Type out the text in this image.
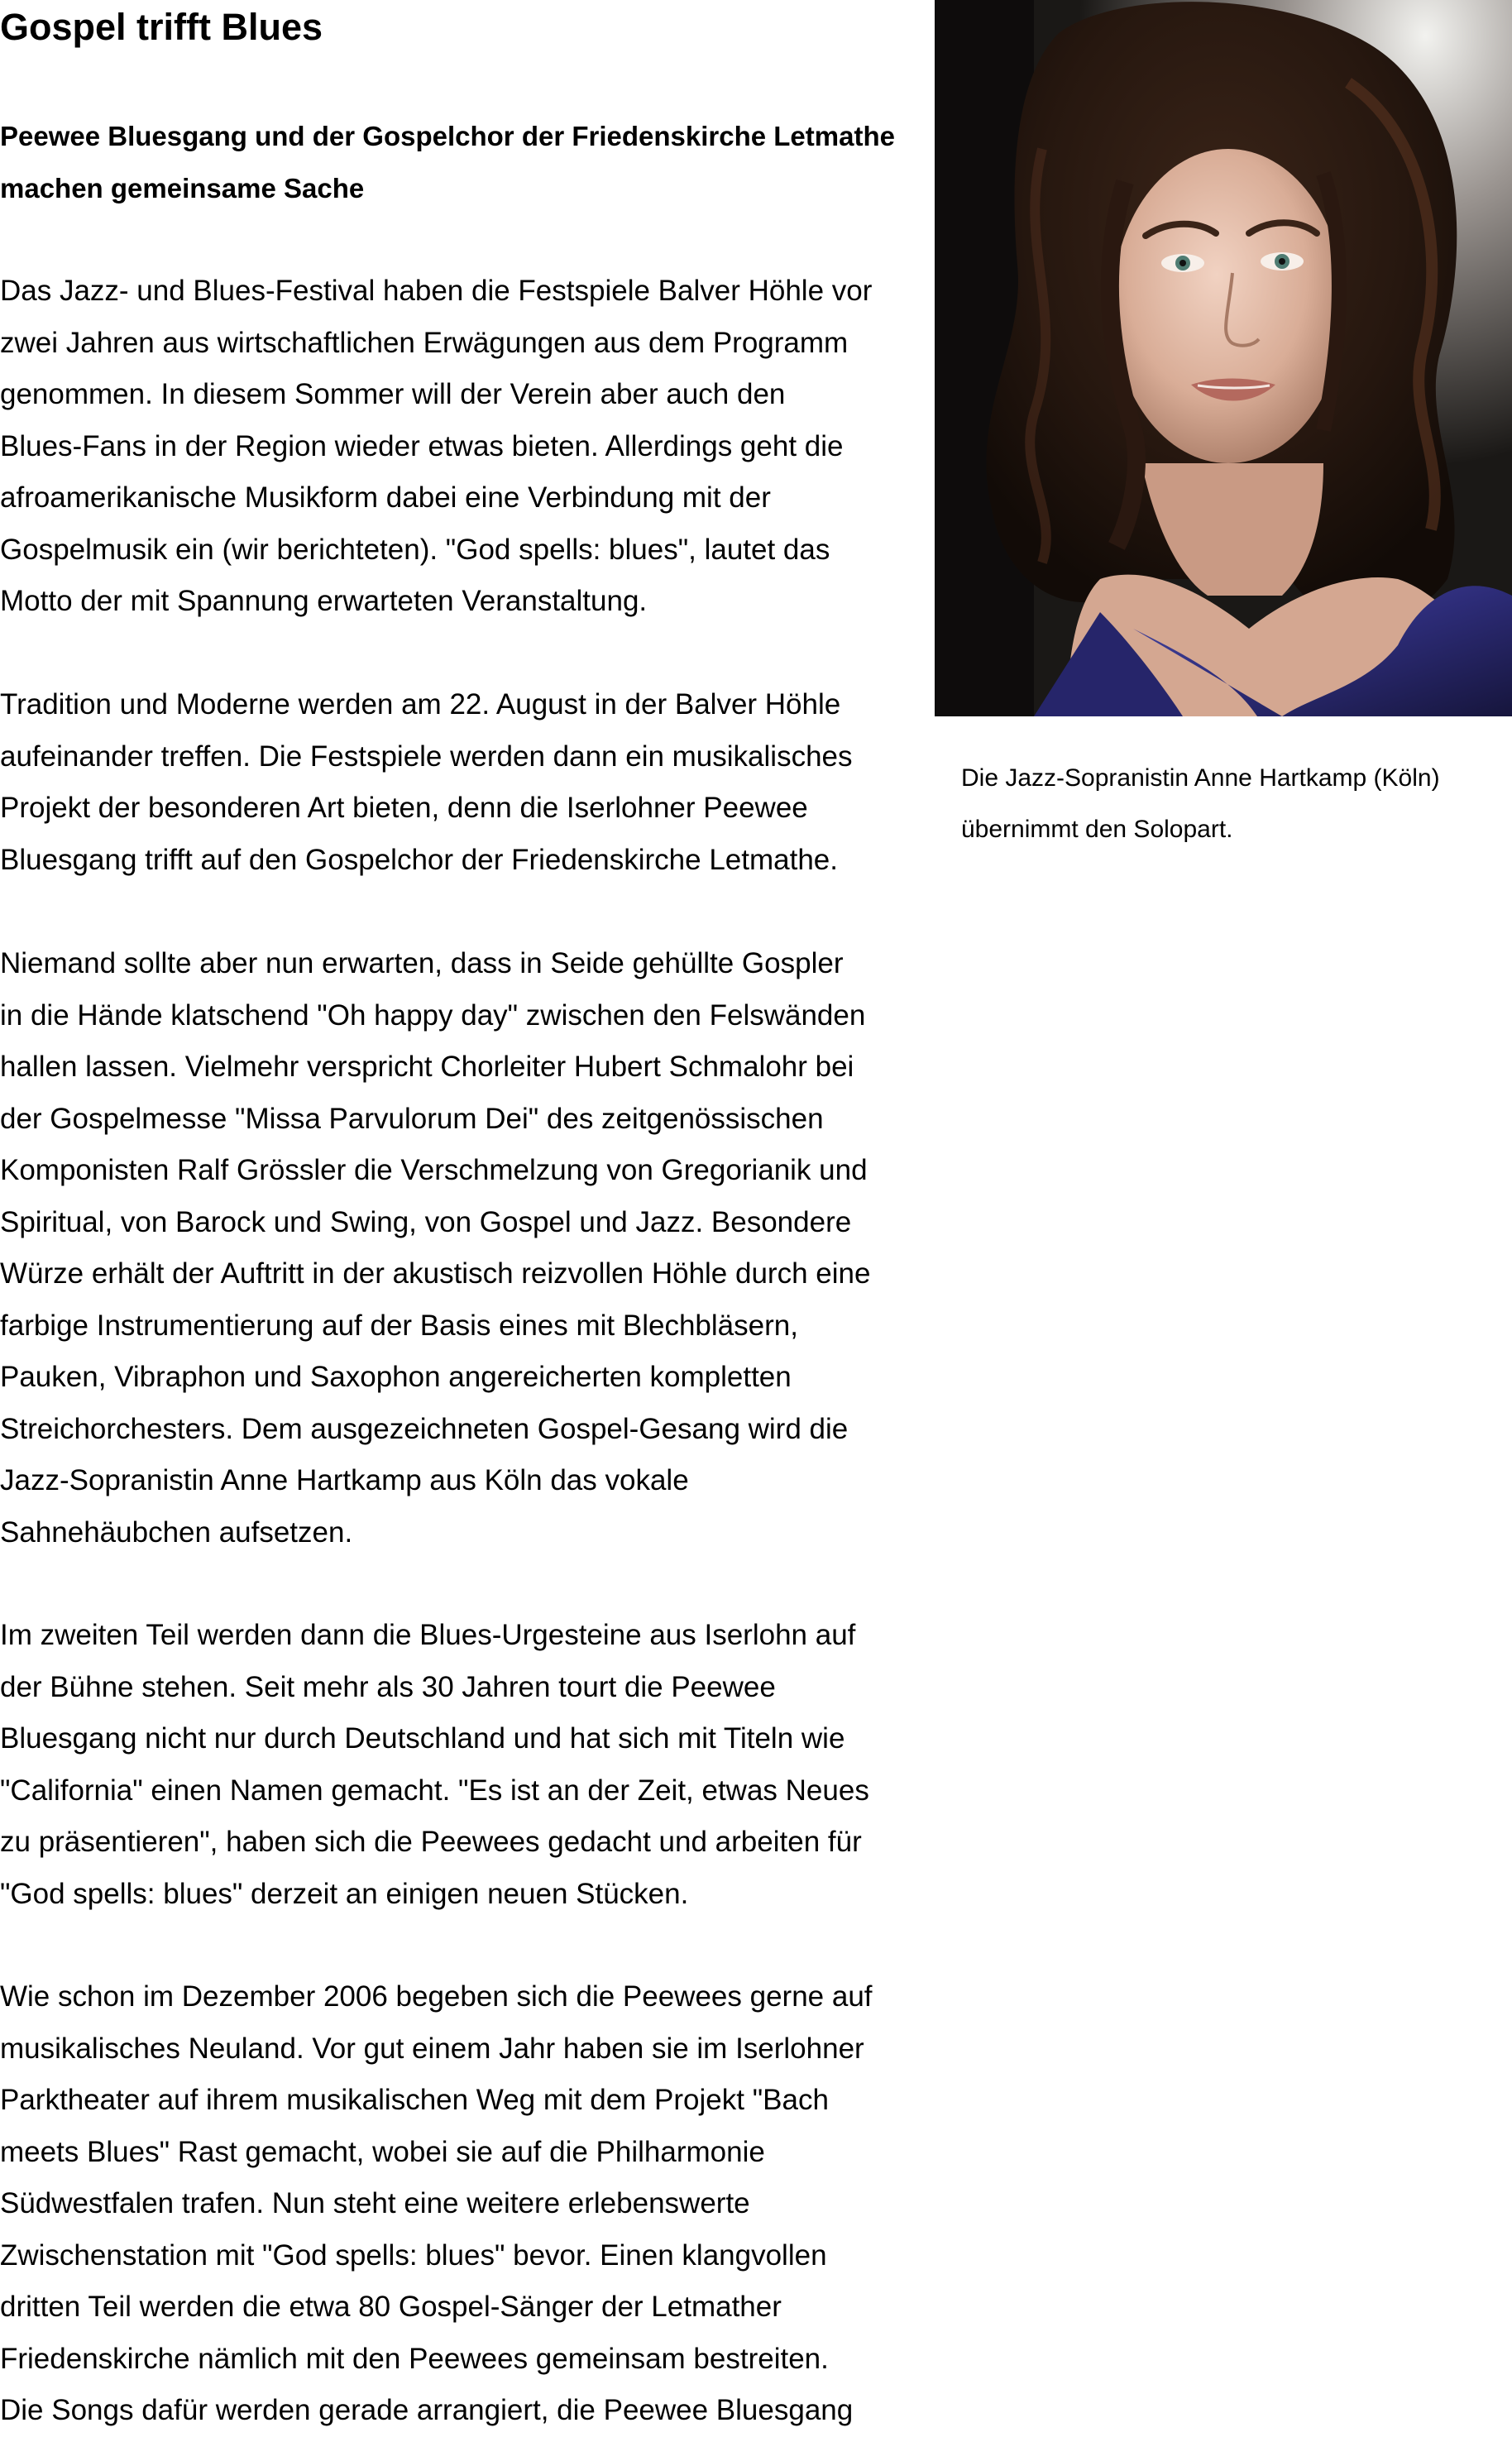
Gospel trifft Blues
Peewee Bluesgang und der Gospelchor der Friedenskirche Letmathe machen gemeinsame Sache

Das Jazz- und Blues-Festival haben die Festspiele Balver Höhle vor
zwei Jahren aus wirtschaftlichen Erwägungen aus dem Programm
genommen. In diesem Sommer will der Verein aber auch den
Blues-Fans in der Region wieder etwas bieten. Allerdings geht die
afroamerikanische Musikform dabei eine Verbindung mit der
Gospelmusik ein (wir berichteten). "God spells: blues", lautet das
Motto der mit Spannung erwarteten Veranstaltung.

Tradition und Moderne werden am 22. August in der Balver Höhle
aufeinander treffen. Die Festspiele werden dann ein musikalisches
Projekt der besonderen Art bieten, denn die Iserlohner Peewee
Bluesgang trifft auf den Gospelchor der Friedenskirche Letmathe.

Niemand sollte aber nun erwarten, dass in Seide gehüllte Gospler
in die Hände klatschend "Oh happy day" zwischen den Felswänden
hallen lassen. Vielmehr verspricht Chorleiter Hubert Schmalohr bei
der Gospelmesse "Missa Parvulorum Dei" des zeitgenössischen
Komponisten Ralf Grössler die Verschmelzung von Gregorianik und
Spiritual, von Barock und Swing, von Gospel und Jazz. Besondere
Würze erhält der Auftritt in der akustisch reizvollen Höhle durch eine
farbige Instrumentierung auf der Basis eines mit Blechbläsern,
Pauken, Vibraphon und Saxophon angereicherten kompletten
Streichorchesters. Dem ausgezeichneten Gospel-Gesang wird die
Jazz-Sopranistin Anne Hartkamp aus Köln das vokale
Sahnehäubchen aufsetzen.

Im zweiten Teil werden dann die Blues-Urgesteine aus Iserlohn auf
der Bühne stehen. Seit mehr als 30 Jahren tourt die Peewee
Bluesgang nicht nur durch Deutschland und hat sich mit Titeln wie
"California" einen Namen gemacht. "Es ist an der Zeit, etwas Neues
zu präsentieren", haben sich die Peewees gedacht und arbeiten für
"God spells: blues" derzeit an einigen neuen Stücken.

Wie schon im Dezember 2006 begeben sich die Peewees gerne auf
musikalisches Neuland. Vor gut einem Jahr haben sie im Iserlohner
Parktheater auf ihrem musikalischen Weg mit dem Projekt "Bach
meets Blues" Rast gemacht, wobei sie auf die Philharmonie
Südwestfalen trafen. Nun steht eine weitere erlebenswerte
Zwischenstation mit "God spells: blues" bevor. Einen klangvollen
dritten Teil werden die etwa 80 Gospel-Sänger der Letmather
Friedenskirche nämlich mit den Peewees gemeinsam bestreiten.
Die Songs dafür werden gerade arrangiert, die Peewee Bluesgang

Die Jazz-Sopranistin Anne Hartkamp (Köln)
übernimmt den Solopart.
